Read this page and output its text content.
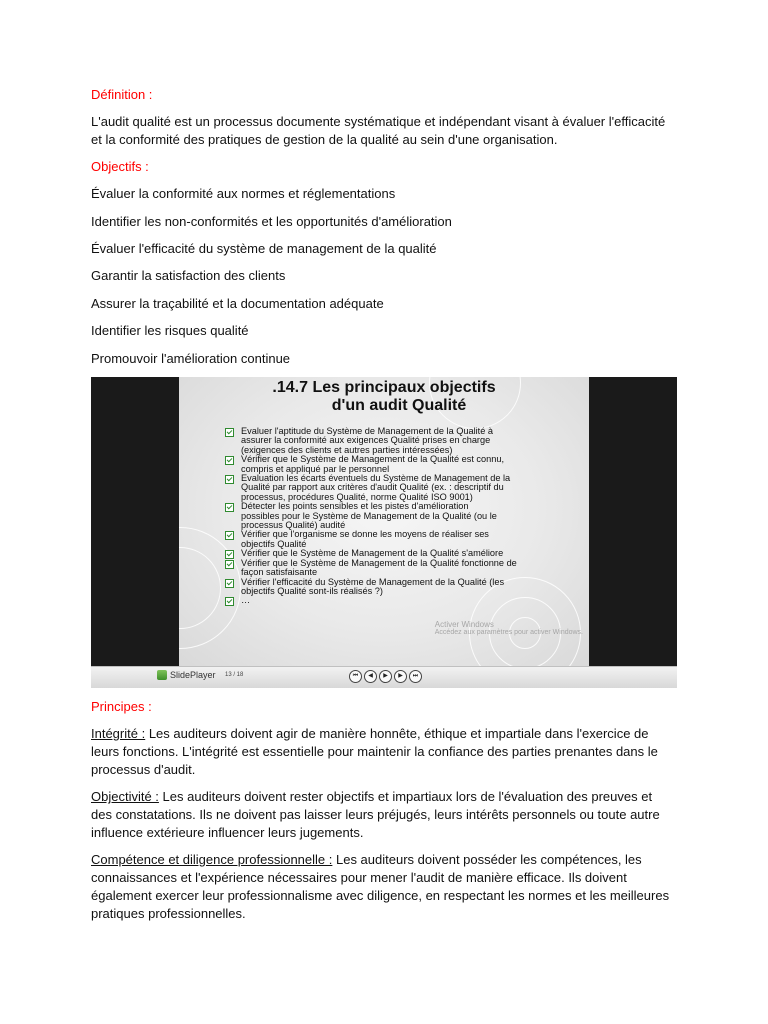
Définition :

L'audit qualité est un processus documente systématique et indépendant visant à évaluer l'efficacité

et la conformité des pratiques de gestion de la qualité au sein d'une organisation.

Objectifs :

Évaluer la conformité aux normes et réglementations

Identifier les non-conformités et les opportunités d'amélioration

Évaluer l'efficacité du système de management de la qualité

Garantir la satisfaction des clients

Assurer la traçabilité et la documentation adéquate

Identifier les risques qualité

Promouvoir l'amélioration continue

.14.7 Les principaux objectifs
d'un audit Qualité
Evaluer l'aptitude du Système de Management de la Qualité à
assurer la conformité aux exigences Qualité prises en charge
(exigences des clients et autres parties intéressées)
Vérifier que le Système de Management de la Qualité est connu,
compris et appliqué par le personnel
Evaluation les écarts éventuels du Système de Management de la
Qualité par rapport aux critères d'audit Qualité (ex. : descriptif du
processus, procédures Qualité, norme Qualité ISO 9001)
Détecter les points sensibles et les pistes d'amélioration
possibles pour le Système de Management de la Qualité (ou le
processus Qualité) audité
Vérifier que l'organisme se donne les moyens de réaliser ses
objectifs Qualité
Vérifier que le Système de Management de la Qualité s'améliore
Vérifier que le Système de Management de la Qualité fonctionne de
façon satisfaisante
Vérifier l'efficacité du Système de Management de la Qualité (les
objectifs Qualité sont-ils réalisés ?)
…
Activer Windows
Accédez aux paramètres pour activer Windows.
SlidePlayer 13 / 18	⏮	◀	▶	▶	⏭

Principes :

Intégrité : Les auditeurs doivent agir de manière honnête, éthique et impartiale dans l'exercice de

leurs fonctions. L'intégrité est essentielle pour maintenir la confiance des parties prenantes dans le

processus d'audit.

Objectivité : Les auditeurs doivent rester objectifs et impartiaux lors de l'évaluation des preuves et

des constatations. Ils ne doivent pas laisser leurs préjugés, leurs intérêts personnels ou toute autre

influence extérieure influencer leurs jugements.

Compétence et diligence professionnelle : Les auditeurs doivent posséder les compétences, les

connaissances et l'expérience nécessaires pour mener l'audit de manière efficace. Ils doivent

également exercer leur professionnalisme avec diligence, en respectant les normes et les meilleures

pratiques professionnelles.
